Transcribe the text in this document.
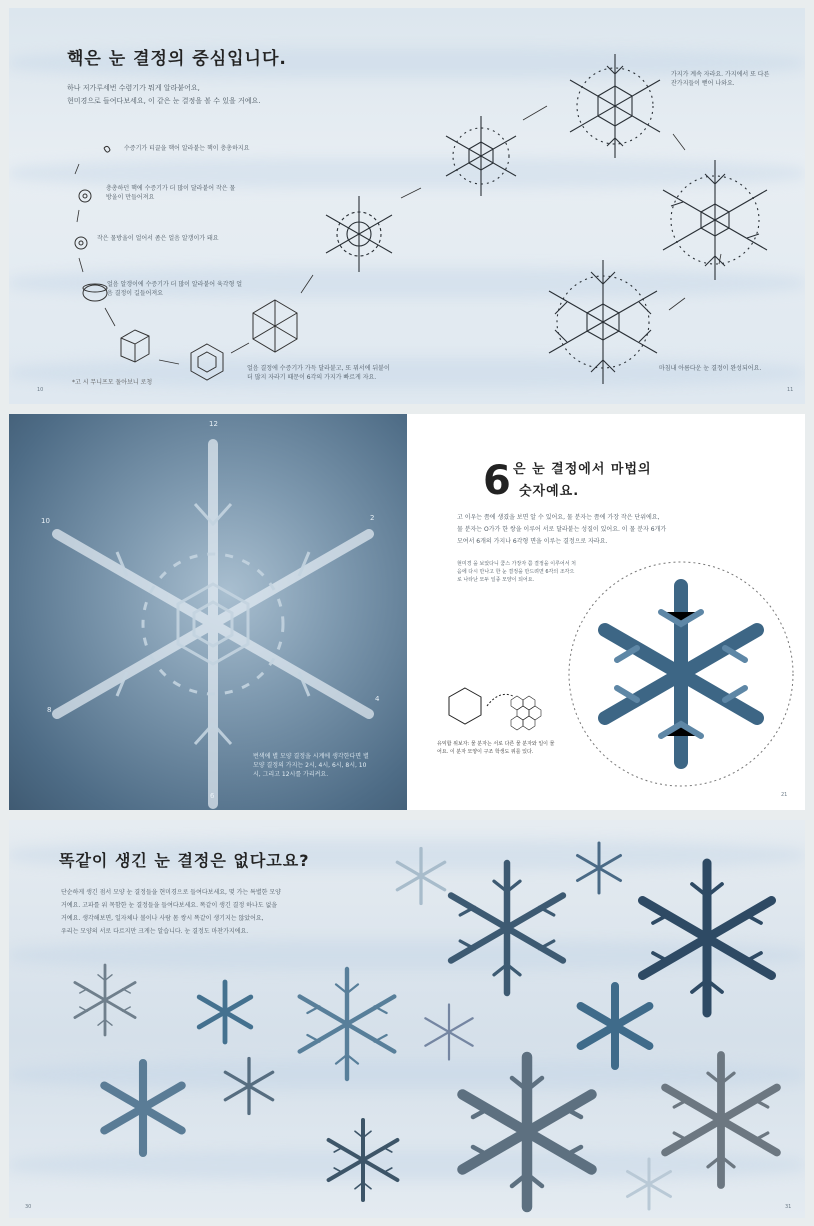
핵은 눈 결정의 중심입니다.
하나 저가루세번 수렴기가 뭐게 알라붙어요,
현미경으로 들여다보세요, 이 같은 눈 결정을 볼 수 있을 거예요.
수증기가 티끌을 핵어 알라붙는 핵이 충총하지요
충총하던 핵에 수증기가 더 많이 달라붙어 작은 물방울이 만들어져요
작은 물방울이 얼어서 좀은 얼음 알갱이가 돼요
얼음 알갱이에 수증기가 더 많이 알라붙어 육각형 얼음 결정이 길들어져요
얼음 결정에 수증기가 가득 달라붙고, 또 뭐서에 뒤붙이 더 많지 자라기 때문이 6각의 가지가 빠르게 자요.
*고 시 무니프모 돌아보니 로청
가지가 계속 자라요. 가지에서 또 다른 잔가지들이 뻗어 나와요.
마침내 아름다운 눈 결정이 완성되어요.
10	11
12
2
4
6
8
10
번색에 별 모양 결정을 시계에 생각한다면 별 모양 결정의 가지는 2시, 4시, 6시, 8시, 10시, 그리고 12시를 가리켜요.
6 은 눈 결정에서 마법의
숫자예요.
고 이우는 쯤에 생겼을 보면 알 수 있어요, 물 분자는 쯤에 가장 작은 단위에요,
물 분자는 Ο가가 한 쌍을 이루어 서로 달라붙는 성질이 있어요. 이 물 분자 6개가
모여서 6개의 가지나 6각형 면을 이루는 결정으로 자라요.
현미경 을 보았다니 쿰스 가장자 쯤 결정을 이루어서 처음에 다시 만나고 한 눈 결정을 만드려면 6각의 조각으로 나타난 모두 일종 모양이 되어요.
유익합 위보자: 물 분자는 서로 다른 물 분자와 일이 물어요. 이 분자 모양이 구조 학생도 위를 있다.
21
똑같이 생긴 눈 결정은 없다고요?
단순하게 생긴 점서 모양 눈 결정들을 현미경으로 들여다보세요, 몇 가는 특별한 모양
거예요. 고파를 위 목함한 눈 결정들을 들여다보세요. 똑같이 생긴 결정 하나도 없을
거예요. 생각해보면, 일자체나 볼이나 사람 몸 쌍시 똑같이 생기지는 않았어요,
우리는 모양의 서로 다르지만 크게는 알습니다. 눈 결정도 마찬가지에요.
30	31
